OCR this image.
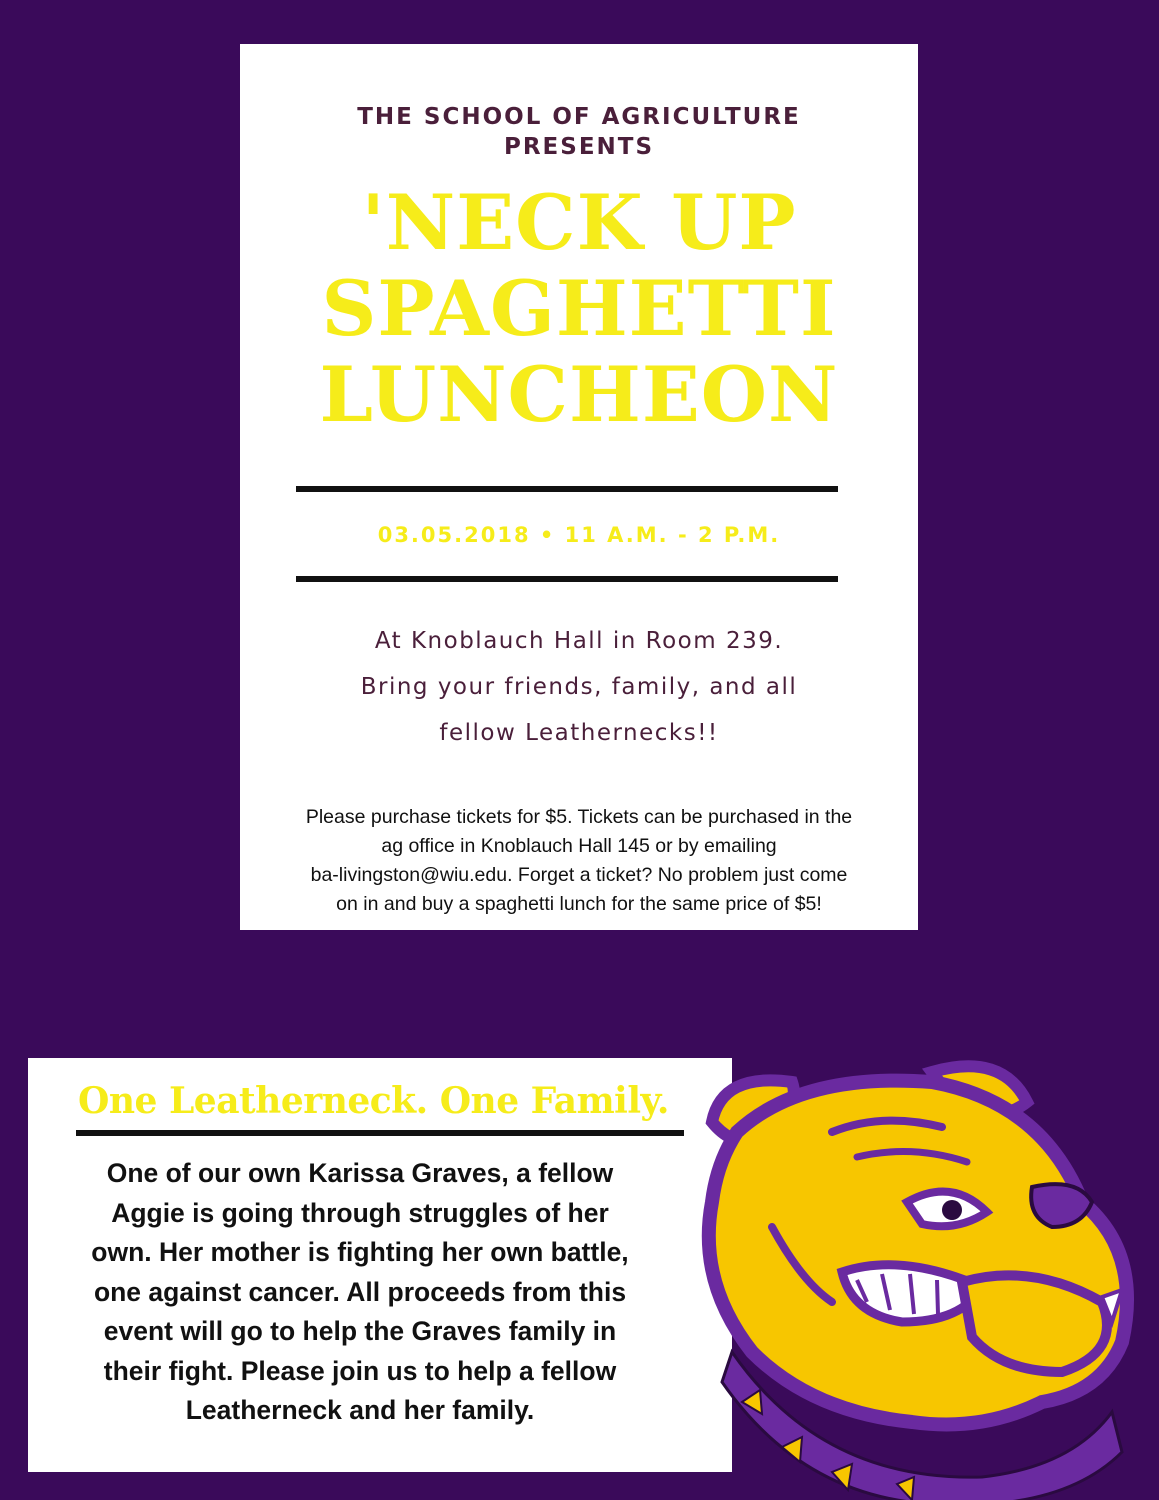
THE SCHOOL OF AGRICULTURE
PRESENTS
'NECK UP
SPAGHETTI
LUNCHEON
03.05.2018 • 11 A.M. - 2 P.M.
At Knoblauch Hall in Room 239.
Bring your friends, family, and all
fellow Leathernecks!!
Please purchase tickets for $5. Tickets can be purchased in the
ag office in Knoblauch Hall 145 or by emailing
ba-livingston@wiu.edu. Forget a ticket? No problem just come
on in and buy a spaghetti lunch for the same price of $5!
One Leatherneck. One Family.
One of our own Karissa Graves, a fellow
Aggie is going through struggles of her
own. Her mother is fighting her own battle,
one against cancer. All proceeds from this
event will go to help the Graves family in
their fight. Please join us to help a fellow
Leatherneck and her family.
